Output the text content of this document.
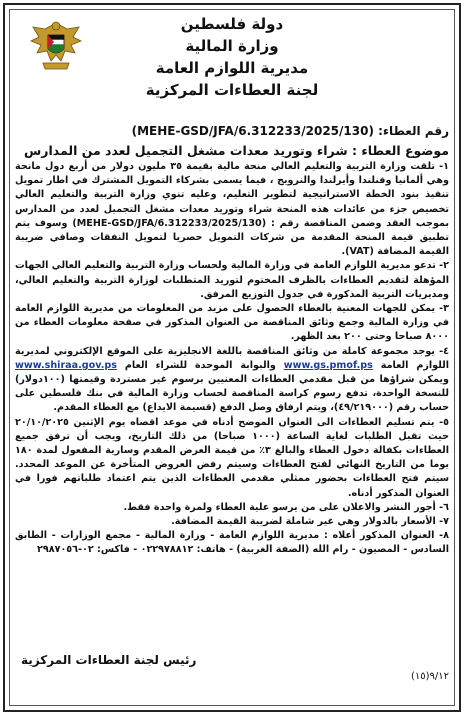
دولة فلسطين
وزارة المالية
مديرية اللوازم العامة
لجنة العطاءات المركزية
رقم العطاء: (MEHE-GSD/JFA/6.312233/2025/130)
موضوع العطاء : شراء وتوريد معدات مشغل التجميل لعدد من المدارس

١- تلقت وزارة التربية والتعليم العالي منحة مالية بقيمة ٣٥ مليون دولار من أربع دول مانحة وهي ألمانيا وفنلندا وأيرلندا والنرويج ، فيما يسمى بشركاء التمويل المشترك في اطار تمويل تنفيذ بنود الخطة الاستراتيجية لتطوير التعليم، وعليه تنوي وزارة التربية والتعليم العالي تخصيص جزء من عائدات هذه المنحة شراء وتوريد معدات مشغل التجميل لعدد من المدارس بموجب العقد وضمن المناقصة رقم : (MEHE-GSD/JFA/6.312233/2025/130) وسوف يتم تطبيق قيمة المنحة المقدمة من شركات التمويل حصريا لتمويل النفقات وصافي ضريبة القيمة المضافة (VAT).

٢- تدعو مديرية اللوازم العامة في وزارة المالية ولحساب وزارة التربية والتعليم العالي الجهات المؤهلة لتقديم العطاءات بالظرف المختوم لتوريد المتطلبات لوزارة التربية والتعليم العالي، ومديريات التربية المذكورة في جدول التوزيع المرفق.

٣- يمكن للجهات المعنية بالعطاء الحصول على مزيد من المعلومات من مديرية اللوازم العامة في وزارة المالية وجمع وثائق المناقصة من العنوان المذكور في صفحة معلومات العطاء من ٨٠٠٠ صباحا وحتى ٢٠٠ بعد الظهر.

٤- يوجد مجموعة كاملة من وثائق المناقصة باللغة الانجليزية على الموقع الإلكتروني لمديرية اللوازم العامة www.gs.pmof.ps والبوابة الموحدة للشراء العام www.shiraa.gov.ps ويمكن شراؤها من قبل مقدمي العطاءات المعنيين برسوم غير مستردة وقيمتها (١٠٠دولار) للنسخة الواحدة، تدفع رسوم كراسة المناقصة لحساب وزارة المالية في بنك فلسطين على حساب رقم (٤٩/٢١٩٠٠٠)، ويتم ارفاق وصل الدفع (قسيمة الايداع) مع العطاء المقدم.

٥- يتم تسليم العطاءات الى العنوان الموضح أدناه في موعد اقصاه يوم الإثنين ٢٠/١٠/٢٠٢٥ حيث تقبل الطلبات لغاية الساعة (١٠٠٠ صباحا) من ذلك التاريخ، ويجب أن ترفق جميع العطاءات بكفالة دخول العطاء والبالغ ٣٪ من قيمة العرض المقدم وسارية المفعول لمدة ١٨٠ يوما من التاريخ النهائي لفتح العطاءات وسيتم رفض العروض المتأخرة عن الموعد المحدد. سيتم فتح العطاءات بحضور ممثلي مقدمي العطاءات الذين يتم اعتماد طلباتهم فورا في العنوان المذكور أدناه.

٦- أجور النشر والاعلان على من يرسو علية العطاء ولمرة واحدة فقط.

٧- الأسعار بالدولار وهي غير شاملة لضريبة القيمة المضافة.

٨- العنوان المذكور أعلاه : مديرية اللوازم العامة - وزارة المالية - مجمع الوزارات - الطابق السادس - المصيون - رام الله (الضفة الغربية) - هاتف: ٠٢٢٩٧٨٨١٢ - فاكس: ٠٢-٢٩٨٧٠٥٦

رئيس لجنة العطاءات المركزية
(١٥)٩/١٢
